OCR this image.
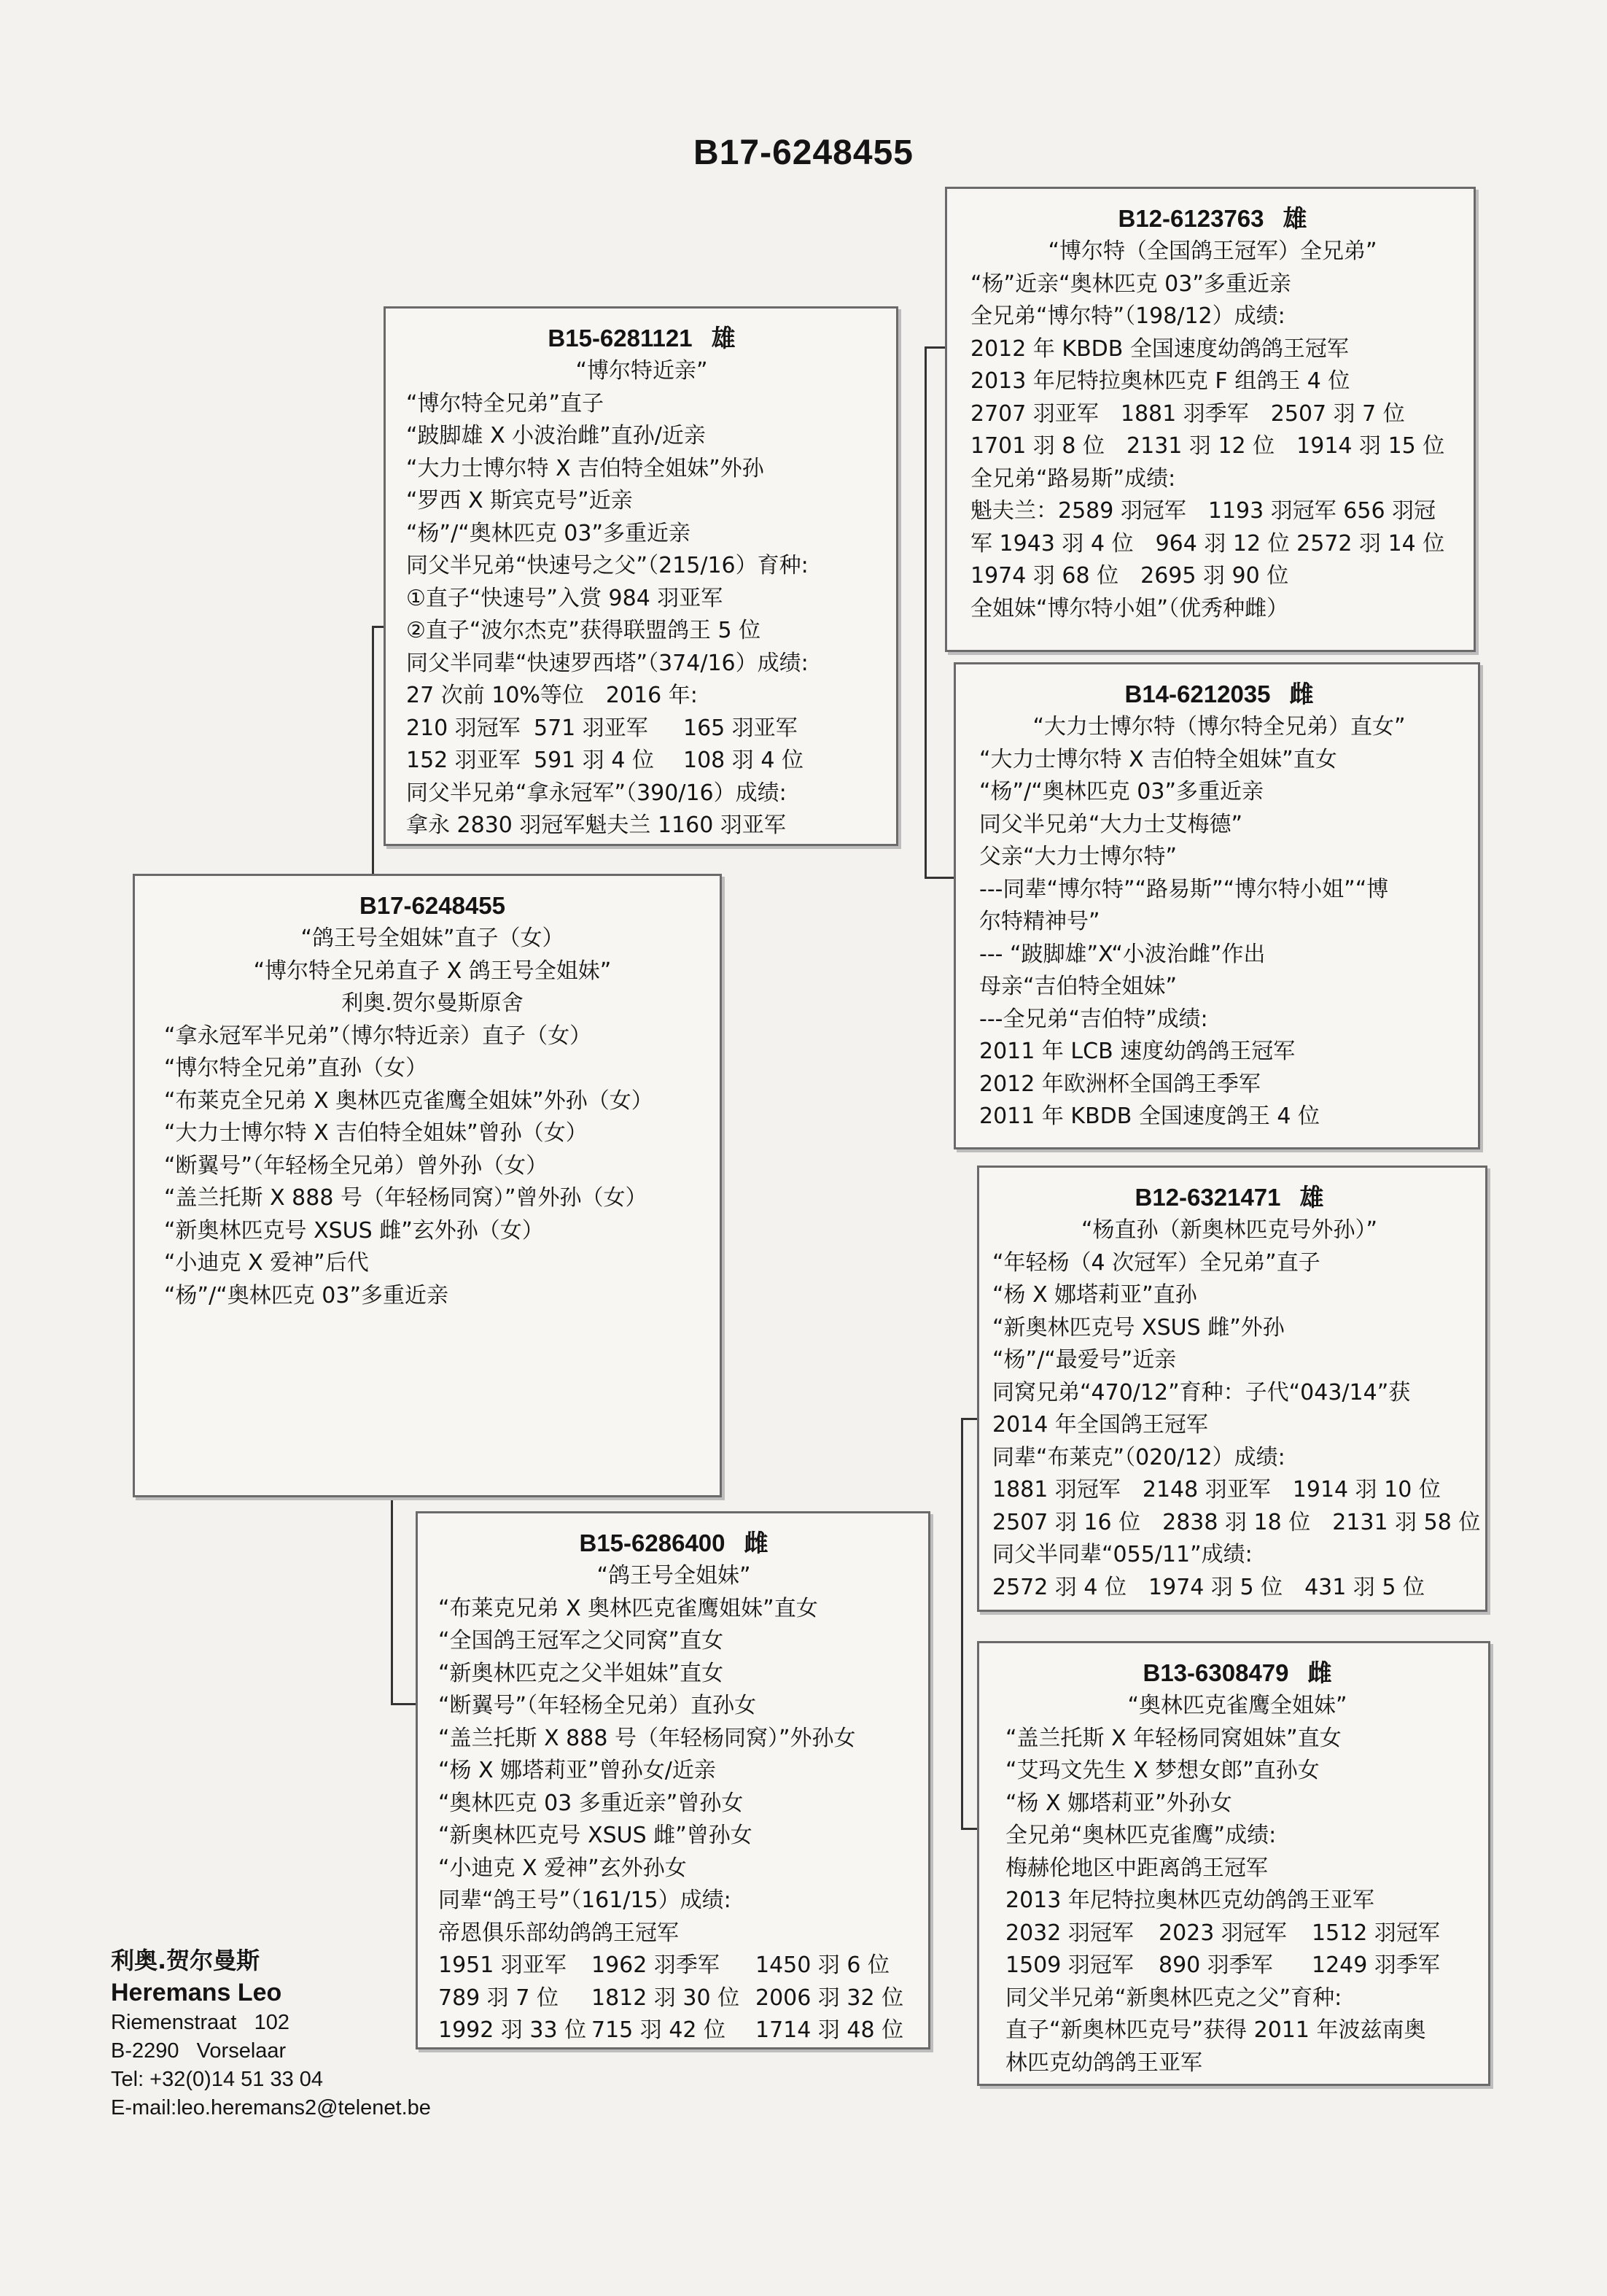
B17-6248455
B15-6281121 雄
“博尔特近亲”
“博尔特全兄弟”直子
“跛脚雄 X 小波治雌”直孙/近亲
“大力士博尔特 X 吉伯特全姐妹”外孙
“罗西 X 斯宾克号”近亲
“杨”/“奥林匹克 03”多重近亲
同父半兄弟“快速号之父”（215/16）育种:
①直子“快速号”入赏 984 羽亚军
②直子“波尔杰克”获得联盟鸽王 5 位
同父半同辈“快速罗西塔”（374/16）成绩:
27 次前 10%等位　2016 年:
210 羽冠军 571 羽亚军	165 羽亚军
152 羽亚军 591 羽 4 位	108 羽 4 位
同父半兄弟“拿永冠军”（390/16）成绩:
拿永 2830 羽冠军魁夫兰 1160 羽亚军
B17-6248455
“鸽王号全姐妹”直子（女）
“博尔特全兄弟直子 X 鸽王号全姐妹”
利奥.贺尔曼斯原舍
“拿永冠军半兄弟”（博尔特近亲）直子（女）
“博尔特全兄弟”直孙（女）
“布莱克全兄弟 X 奥林匹克雀鹰全姐妹”外孙（女）
“大力士博尔特 X 吉伯特全姐妹”曾孙（女）
“断翼号”（年轻杨全兄弟）曾外孙（女）
“盖兰托斯 X 888 号（年轻杨同窝）”曾外孙（女）
“新奥林匹克号 XSUS 雌”玄外孙（女）
“小迪克 X 爱神”后代
“杨”/“奥林匹克 03”多重近亲
B15-6286400 雌
“鸽王号全姐妹”
“布莱克兄弟 X 奥林匹克雀鹰姐妹”直女
“全国鸽王冠军之父同窝”直女
“新奥林匹克之父半姐妹”直女
“断翼号”（年轻杨全兄弟）直孙女
“盖兰托斯 X 888 号（年轻杨同窝）”外孙女
“杨 X 娜塔莉亚”曾孙女/近亲
“奥林匹克 03 多重近亲”曾孙女
“新奥林匹克号 XSUS 雌”曾孙女
“小迪克 X 爱神”玄外孙女
同辈“鸽王号”（161/15）成绩:
帝恩俱乐部幼鸽鸽王冠军
1951 羽亚军	1962 羽季军	1450 羽 6 位
789 羽 7 位	1812 羽 30 位 2006 羽 32 位
1992 羽 33 位 715 羽 42 位	1714 羽 48 位
B12-6123763 雄
“博尔特（全国鸽王冠军）全兄弟”
“杨”近亲“奥林匹克 03”多重近亲
全兄弟“博尔特”（198/12）成绩:
2012 年 KBDB 全国速度幼鸽鸽王冠军
2013 年尼特拉奥林匹克 F 组鸽王 4 位
2707 羽亚军　1881 羽季军　2507 羽 7 位
1701 羽 8 位　2131 羽 12 位　1914 羽 15 位
全兄弟“路易斯”成绩:
魁夫兰：2589 羽冠军　1193 羽冠军 656 羽冠
军 1943 羽 4 位　964 羽 12 位 2572 羽 14 位
1974 羽 68 位　2695 羽 90 位
全姐妹“博尔特小姐”（优秀种雌）
B14-6212035 雌
“大力士博尔特（博尔特全兄弟）直女”
“大力士博尔特 X 吉伯特全姐妹”直女
“杨”/“奥林匹克 03”多重近亲
同父半兄弟“大力士艾梅德”
父亲“大力士博尔特”
---同辈“博尔特”“路易斯”“博尔特小姐”“博
尔特精神号”
--- “跛脚雄”X“小波治雌”作出
母亲“吉伯特全姐妹”
---全兄弟“吉伯特”成绩:
2011 年 LCB 速度幼鸽鸽王冠军
2012 年欧洲杯全国鸽王季军
2011 年 KBDB 全国速度鸽王 4 位
B12-6321471 雄
“杨直孙（新奥林匹克号外孙）”
“年轻杨（4 次冠军）全兄弟”直子
“杨 X 娜塔莉亚”直孙
“新奥林匹克号 XSUS 雌”外孙
“杨”/“最爱号”近亲
同窝兄弟“470/12”育种：子代“043/14”获
2014 年全国鸽王冠军
同辈“布莱克”（020/12）成绩:
1881 羽冠军　2148 羽亚军　1914 羽 10 位
2507 羽 16 位　2838 羽 18 位　2131 羽 58 位
同父半同辈“055/11”成绩:
2572 羽 4 位　1974 羽 5 位　431 羽 5 位
B13-6308479 雌
“奥林匹克雀鹰全姐妹”
“盖兰托斯 X 年轻杨同窝姐妹”直女
“艾玛文先生 X 梦想女郎”直孙女
“杨 X 娜塔莉亚”外孙女
全兄弟“奥林匹克雀鹰”成绩:
梅赫伦地区中距离鸽王冠军
2013 年尼特拉奥林匹克幼鸽鸽王亚军
2032 羽冠军	2023 羽冠军	1512 羽冠军
1509 羽冠军	890 羽季军	1249 羽季军
同父半兄弟“新奥林匹克之父”育种:
直子“新奥林匹克号”获得 2011 年波兹南奥
林匹克幼鸽鸽王亚军
利奥.贺尔曼斯
Heremans Leo
Riemenstraat   102
B-2290   Vorselaar
Tel: +32(0)14 51 33 04
E-mail:leo.heremans2@telenet.be
